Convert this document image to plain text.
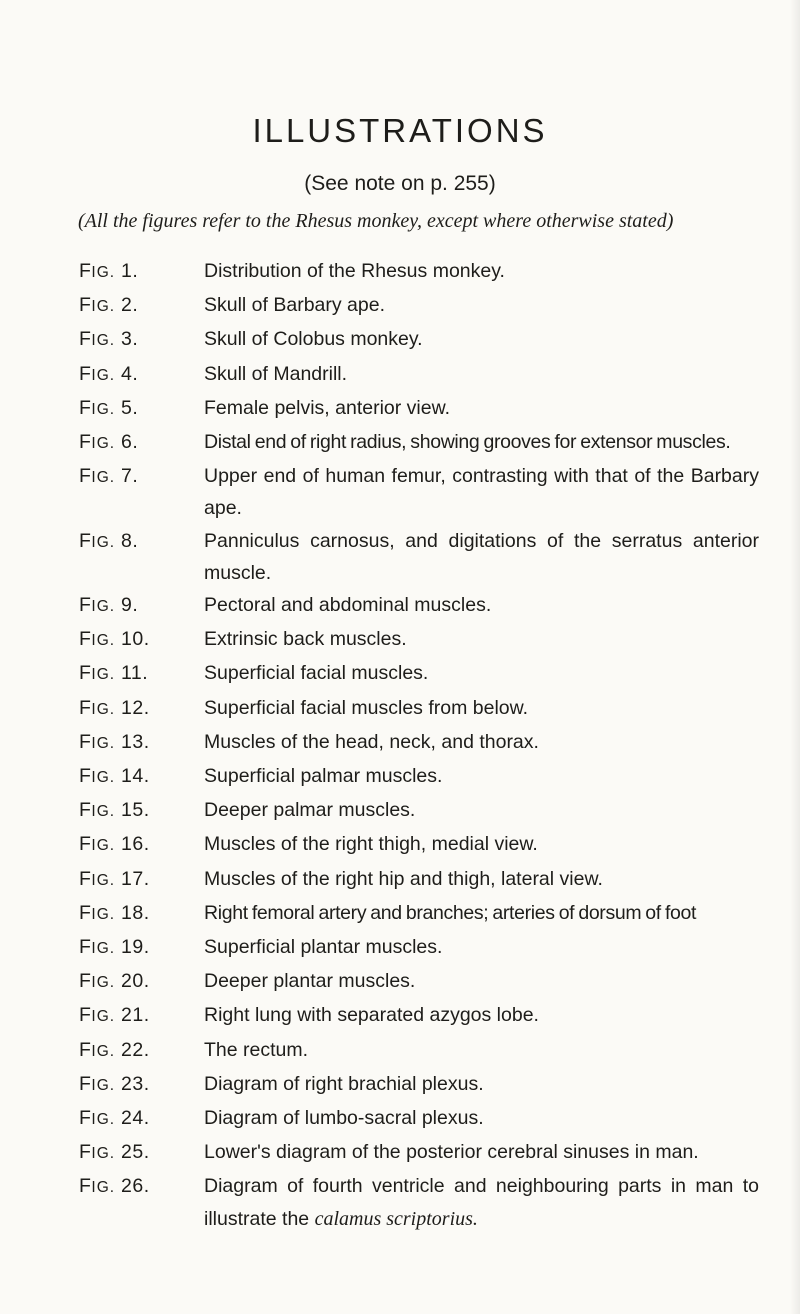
ILLUSTRATIONS

(See note on p. 255)

(All the figures refer to the Rhesus monkey, except where otherwise stated)

FIG. 1.	Distribution of the Rhesus monkey.
FIG. 2.	Skull of Barbary ape.
FIG. 3.	Skull of Colobus monkey.
FIG. 4.	Skull of Mandrill.
FIG. 5.	Female pelvis, anterior view.
FIG. 6.	Distal end of right radius, showing grooves for extensor muscles.
FIG. 7.	Upper end of human femur, contrasting with that of the Barbary ape.
FIG. 8.	Panniculus carnosus, and digitations of the serratus anterior muscle.
FIG. 9.	Pectoral and abdominal muscles.
FIG. 10.	Extrinsic back muscles.
FIG. 11.	Superficial facial muscles.
FIG. 12.	Superficial facial muscles from below.
FIG. 13.	Muscles of the head, neck, and thorax.
FIG. 14.	Superficial palmar muscles.
FIG. 15.	Deeper palmar muscles.
FIG. 16.	Muscles of the right thigh, medial view.
FIG. 17.	Muscles of the right hip and thigh, lateral view.
FIG. 18.	Right femoral artery and branches; arteries of dorsum of foot
FIG. 19.	Superficial plantar muscles.
FIG. 20.	Deeper plantar muscles.
FIG. 21.	Right lung with separated azygos lobe.
FIG. 22.	The rectum.
FIG. 23.	Diagram of right brachial plexus.
FIG. 24.	Diagram of lumbo-sacral plexus.
FIG. 25.	Lower's diagram of the posterior cerebral sinuses in man.
FIG. 26.	Diagram of fourth ventricle and neighbouring parts in man to illustrate the calamus scriptorius.
